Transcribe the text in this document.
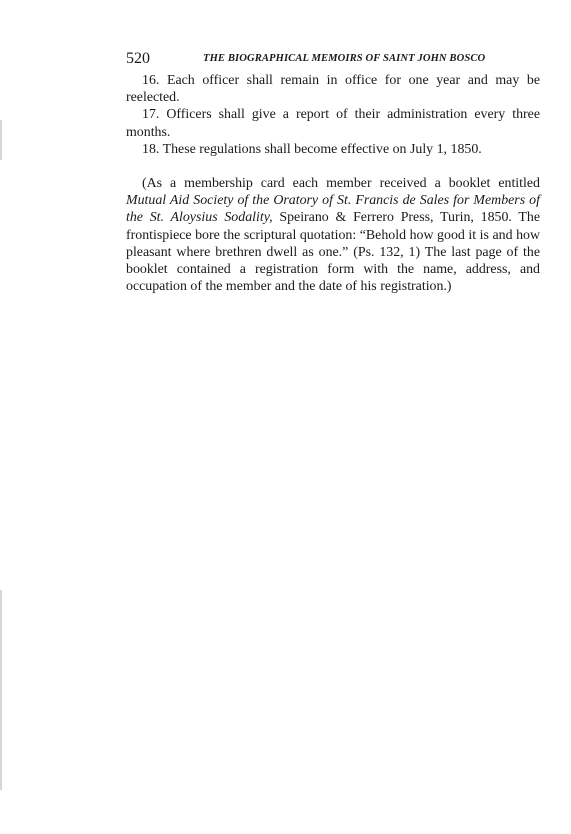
520	THE BIOGRAPHICAL MEMOIRS OF SAINT JOHN BOSCO

16. Each officer shall remain in office for one year and may be reelected.

17. Officers shall give a report of their administration every three months.

18. These regulations shall become effective on July 1, 1850.

(As a membership card each member received a booklet entitled Mutual Aid Society of the Oratory of St. Francis de Sales for Members of the St. Aloysius Sodality, Speirano & Ferrero Press, Turin, 1850. The frontispiece bore the scriptural quotation: “Behold how good it is and how pleasant where brethren dwell as one.” (Ps. 132, 1) The last page of the booklet contained a registration form with the name, address, and occupation of the member and the date of his registration.)
